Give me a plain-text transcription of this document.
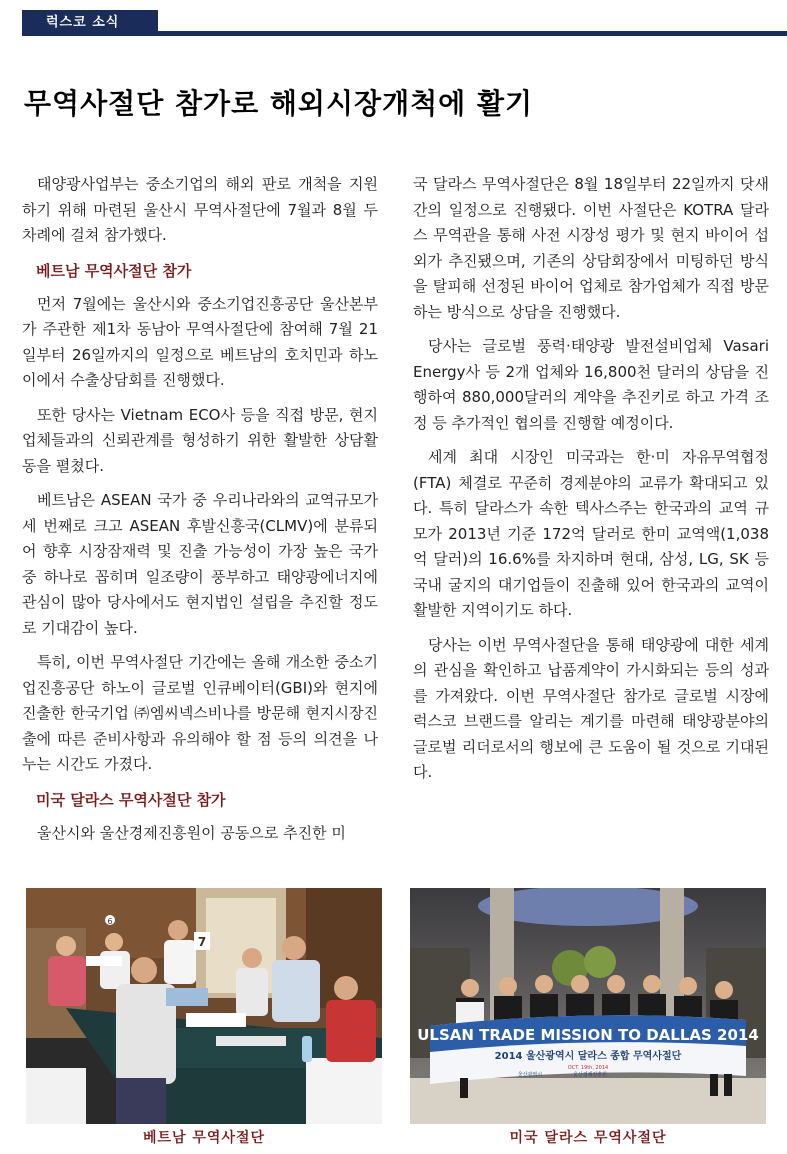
럭스코 소식
무역사절단 참가로 해외시장개척에 활기

태양광사업부는 중소기업의 해외 판로 개척을 지원하기 위해 마련된 울산시 무역사절단에 7월과 8월 두 차례에 걸쳐 참가했다.

베트남 무역사절단 참가

먼저 7월에는 울산시와 중소기업진흥공단 울산본부가 주관한 제1차 동남아 무역사절단에 참여해 7월 21일부터 26일까지의 일정으로 베트남의 호치민과 하노이에서 수출상담회를 진행했다.

또한 당사는 Vietnam ECO사 등을 직접 방문, 현지 업체들과의 신뢰관계를 형성하기 위한 활발한 상담활동을 펼쳤다.

베트남은 ASEAN 국가 중 우리나라와의 교역규모가 세 번째로 크고 ASEAN 후발신흥국(CLMV)에 분류되어 향후 시장잠재력 및 진출 가능성이 가장 높은 국가 중 하나로 꼽히며 일조량이 풍부하고 태양광에너지에 관심이 많아 당사에서도 현지법인 설립을 추진할 정도로 기대감이 높다.

특히, 이번 무역사절단 기간에는 올해 개소한 중소기업진흥공단 하노이 글로벌 인큐베이터(GBI)와 현지에 진출한 한국기업 ㈜엠씨넥스비나를 방문해 현지시장진출에 따른 준비사항과 유의해야 할 점 등의 의견을 나누는 시간도 가졌다.

미국 달라스 무역사절단 참가

울산시와 울산경제진흥원이 공동으로 추진한 미

국 달라스 무역사절단은 8월 18일부터 22일까지 닷새간의 일정으로 진행됐다. 이번 사절단은 KOTRA 달라스 무역관을 통해 사전 시장성 평가 및 현지 바이어 섭외가 추진됐으며, 기존의 상담회장에서 미팅하던 방식을 탈피해 선정된 바이어 업체로 참가업체가 직접 방문하는 방식으로 상담을 진행했다.

당사는 글로벌 풍력·태양광 발전설비업체 Vasari Energy사 등 2개 업체와 16,800천 달러의 상담을 진행하여 880,000달러의 계약을 추진키로 하고 가격 조정 등 추가적인 협의를 진행할 예정이다.

세계 최대 시장인 미국과는 한·미 자유무역협정(FTA) 체결로 꾸준히 경제분야의 교류가 확대되고 있다. 특히 달라스가 속한 텍사스주는 한국과의 교역 규모가 2013년 기준 172억 달러로 한미 교역액(1,038억 달러)의 16.6%를 차지하며 현대, 삼성, LG, SK 등 국내 굴지의 대기업들이 진출해 있어 한국과의 교역이 활발한 지역이기도 하다.

당사는 이번 무역사절단을 통해 태양광에 대한 세계의 관심을 확인하고 납품계약이 가시화되는 등의 성과를 가져왔다. 이번 무역사절단 참가로 글로벌 시장에 럭스코 브랜드를 알리는 계기를 마련해 태양광분야의 글로벌 리더로서의 행보에 큰 도움이 될 것으로 기대된다.

6
7
베트남 무역사절단
ULSAN TRADE MISSION TO DALLAS 2014
2014 울산광역시 달라스 종합 무역사절단
OCT. 19th, 2014
울산광역시	울산경제진흥원
미국 달라스 무역사절단
